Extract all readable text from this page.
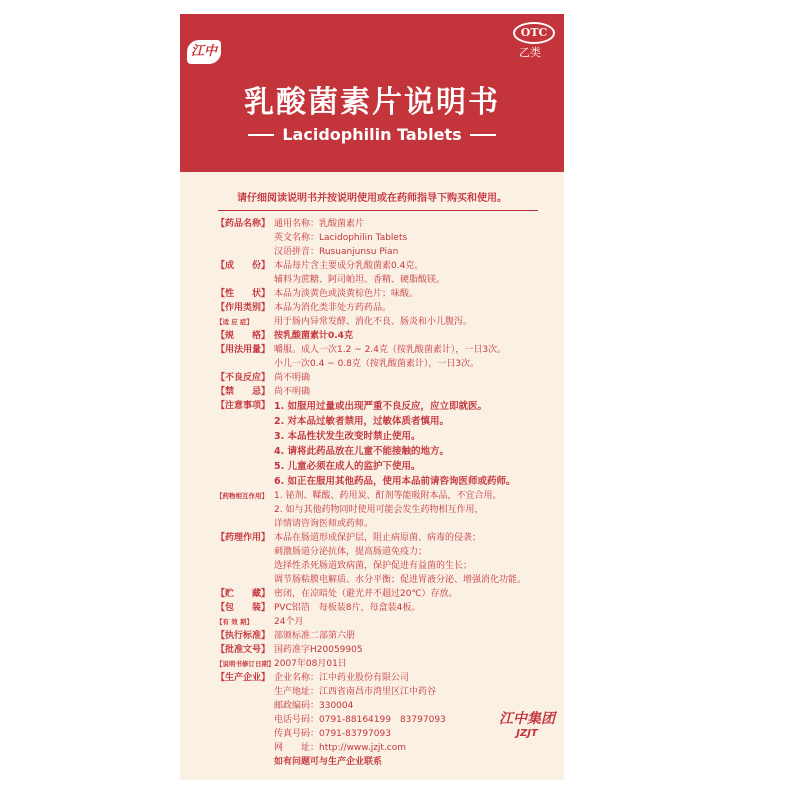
江中
OTC
乙类
乳酸菌素片说明书
Lacidophilin Tablets
请仔细阅读说明书并按说明使用或在药师指导下购买和使用。
【药品名称】 通用名称：乳酸菌素片
英文名称：Lacidophilin Tablets
汉语拼音：Rusuanjunsu Pian
【成　　份】 本品每片含主要成分乳酸菌素0.4克。
辅料为蔗糖、阿司帕坦、香精、硬脂酸镁。
【性　　状】 本品为淡黄色或淡黄棕色片；味酸。
【作用类别】 本品为消化类非处方药药品。
【适 应 症】	用于肠内异常发酵、消化不良、肠炎和小儿腹泻。
【规　　格】 按乳酸菌素计0.4克
【用法用量】 嚼服。成人一次1.2 ~ 2.4克（按乳酸菌素计），一日3次。
小儿一次0.4 ~ 0.8克（按乳酸菌素计），一日3次。
【不良反应】 尚不明确
【禁　　忌】 尚不明确
【注意事项】 1. 如服用过量或出现严重不良反应，应立即就医。
2. 对本品过敏者禁用，过敏体质者慎用。
3. 本品性状发生改变时禁止使用。
4. 请将此药品放在儿童不能接触的地方。
5. 儿童必须在成人的监护下使用。
6. 如正在服用其他药品，使用本品前请咨询医师或药师。
【药物相互作用】 1. 铋剂、鞣酸、药用炭、酊剂等能吸附本品，不宜合用。
2. 如与其他药物同时使用可能会发生药物相互作用，
详情请咨询医师或药师。
【药理作用】 本品在肠道形成保护层，阻止病原菌、病毒的侵袭；
刺激肠道分泌抗体，提高肠道免疫力；
选择性杀死肠道致病菌，保护促进有益菌的生长；
调节肠粘膜电解质、水分平衡；促进胃液分泌、增强消化功能。
【贮　　藏】 密闭，在凉暗处（避光并不超过20℃）存放。
【包　　装】 PVC铝箔　每板装8片，每盒装4板。
【有 效 期】	24个月
【执行标准】 部颁标准二部第六册
【批准文号】 国药准字H20059905
【说明书修订日期】 2007年08月01日
【生产企业】 企业名称：江中药业股份有限公司
生产地址：江西省南昌市湾里区江中药谷
邮政编码：330004
电话号码：0791-88164199　83797093
传真号码：0791-83797093
网　　址：http://www.jzjt.com
如有问题可与生产企业联系
江中集团
JZJT
